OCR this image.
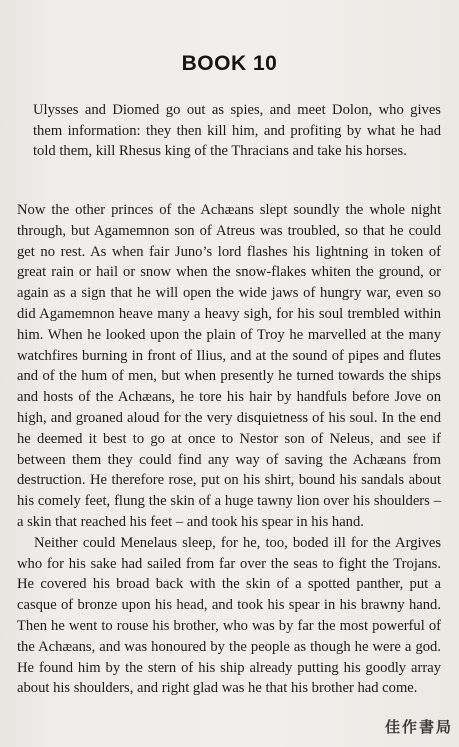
BOOK 10
Ulysses and Diomed go out as spies, and meet Dolon, who gives them information: they then kill him, and profiting by what he had told them, kill Rhesus king of the Thracians and take his horses.

Now the other princes of the Achæans slept soundly the whole night through, but Agamemnon son of Atreus was troubled, so that he could get no rest. As when fair Juno’s lord flashes his lightning in token of great rain or hail or snow when the snow-flakes whiten the ground, or again as a sign that he will open the wide jaws of hungry war, even so did Agamemnon heave many a heavy sigh, for his soul trembled within him. When he looked upon the plain of Troy he marvelled at the many watchfires burning in front of Ilius, and at the sound of pipes and flutes and of the hum of men, but when presently he turned towards the ships and hosts of the Achæans, he tore his hair by handfuls before Jove on high, and groaned aloud for the very disquietness of his soul. In the end he deemed it best to go at once to Nestor son of Neleus, and see if between them they could find any way of saving the Achæans from destruction. He therefore rose, put on his shirt, bound his sandals about his comely feet, flung the skin of a huge tawny lion over his shoulders – a skin that reached his feet – and took his spear in his hand.

Neither could Menelaus sleep, for he, too, boded ill for the Argives who for his sake had sailed from far over the seas to fight the Trojans. He covered his broad back with the skin of a spotted panther, put a casque of bronze upon his head, and took his spear in his brawny hand. Then he went to rouse his brother, who was by far the most powerful of the Achæans, and was honoured by the people as though he were a god. He found him by the stern of his ship already putting his goodly array about his shoulders, and right glad was he that his brother had come.

佳作書局
